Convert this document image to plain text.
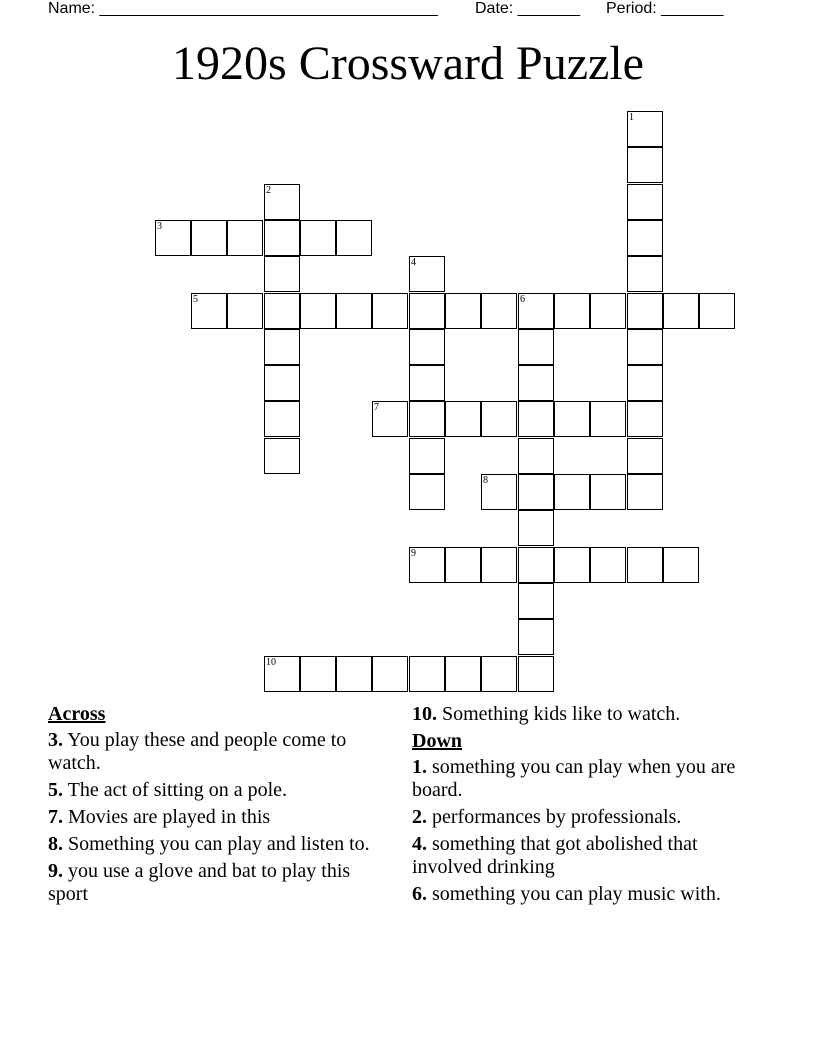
Name: ______________________________________

Date: _______

Period: _______

1920s Crossward Puzzle
1
2
3
4
5	6
7
8
9
10
Across
3. You play these and people come to watch.
5. The act of sitting on a pole.
7. Movies are played in this
8. Something you can play and listen to.
9. you use a glove and bat to play this sport
10. Something kids like to watch.
Down
1. something you can play when you are board.
2. performances by professionals.
4. something that got abolished that involved drinking
6. something you can play music with.
